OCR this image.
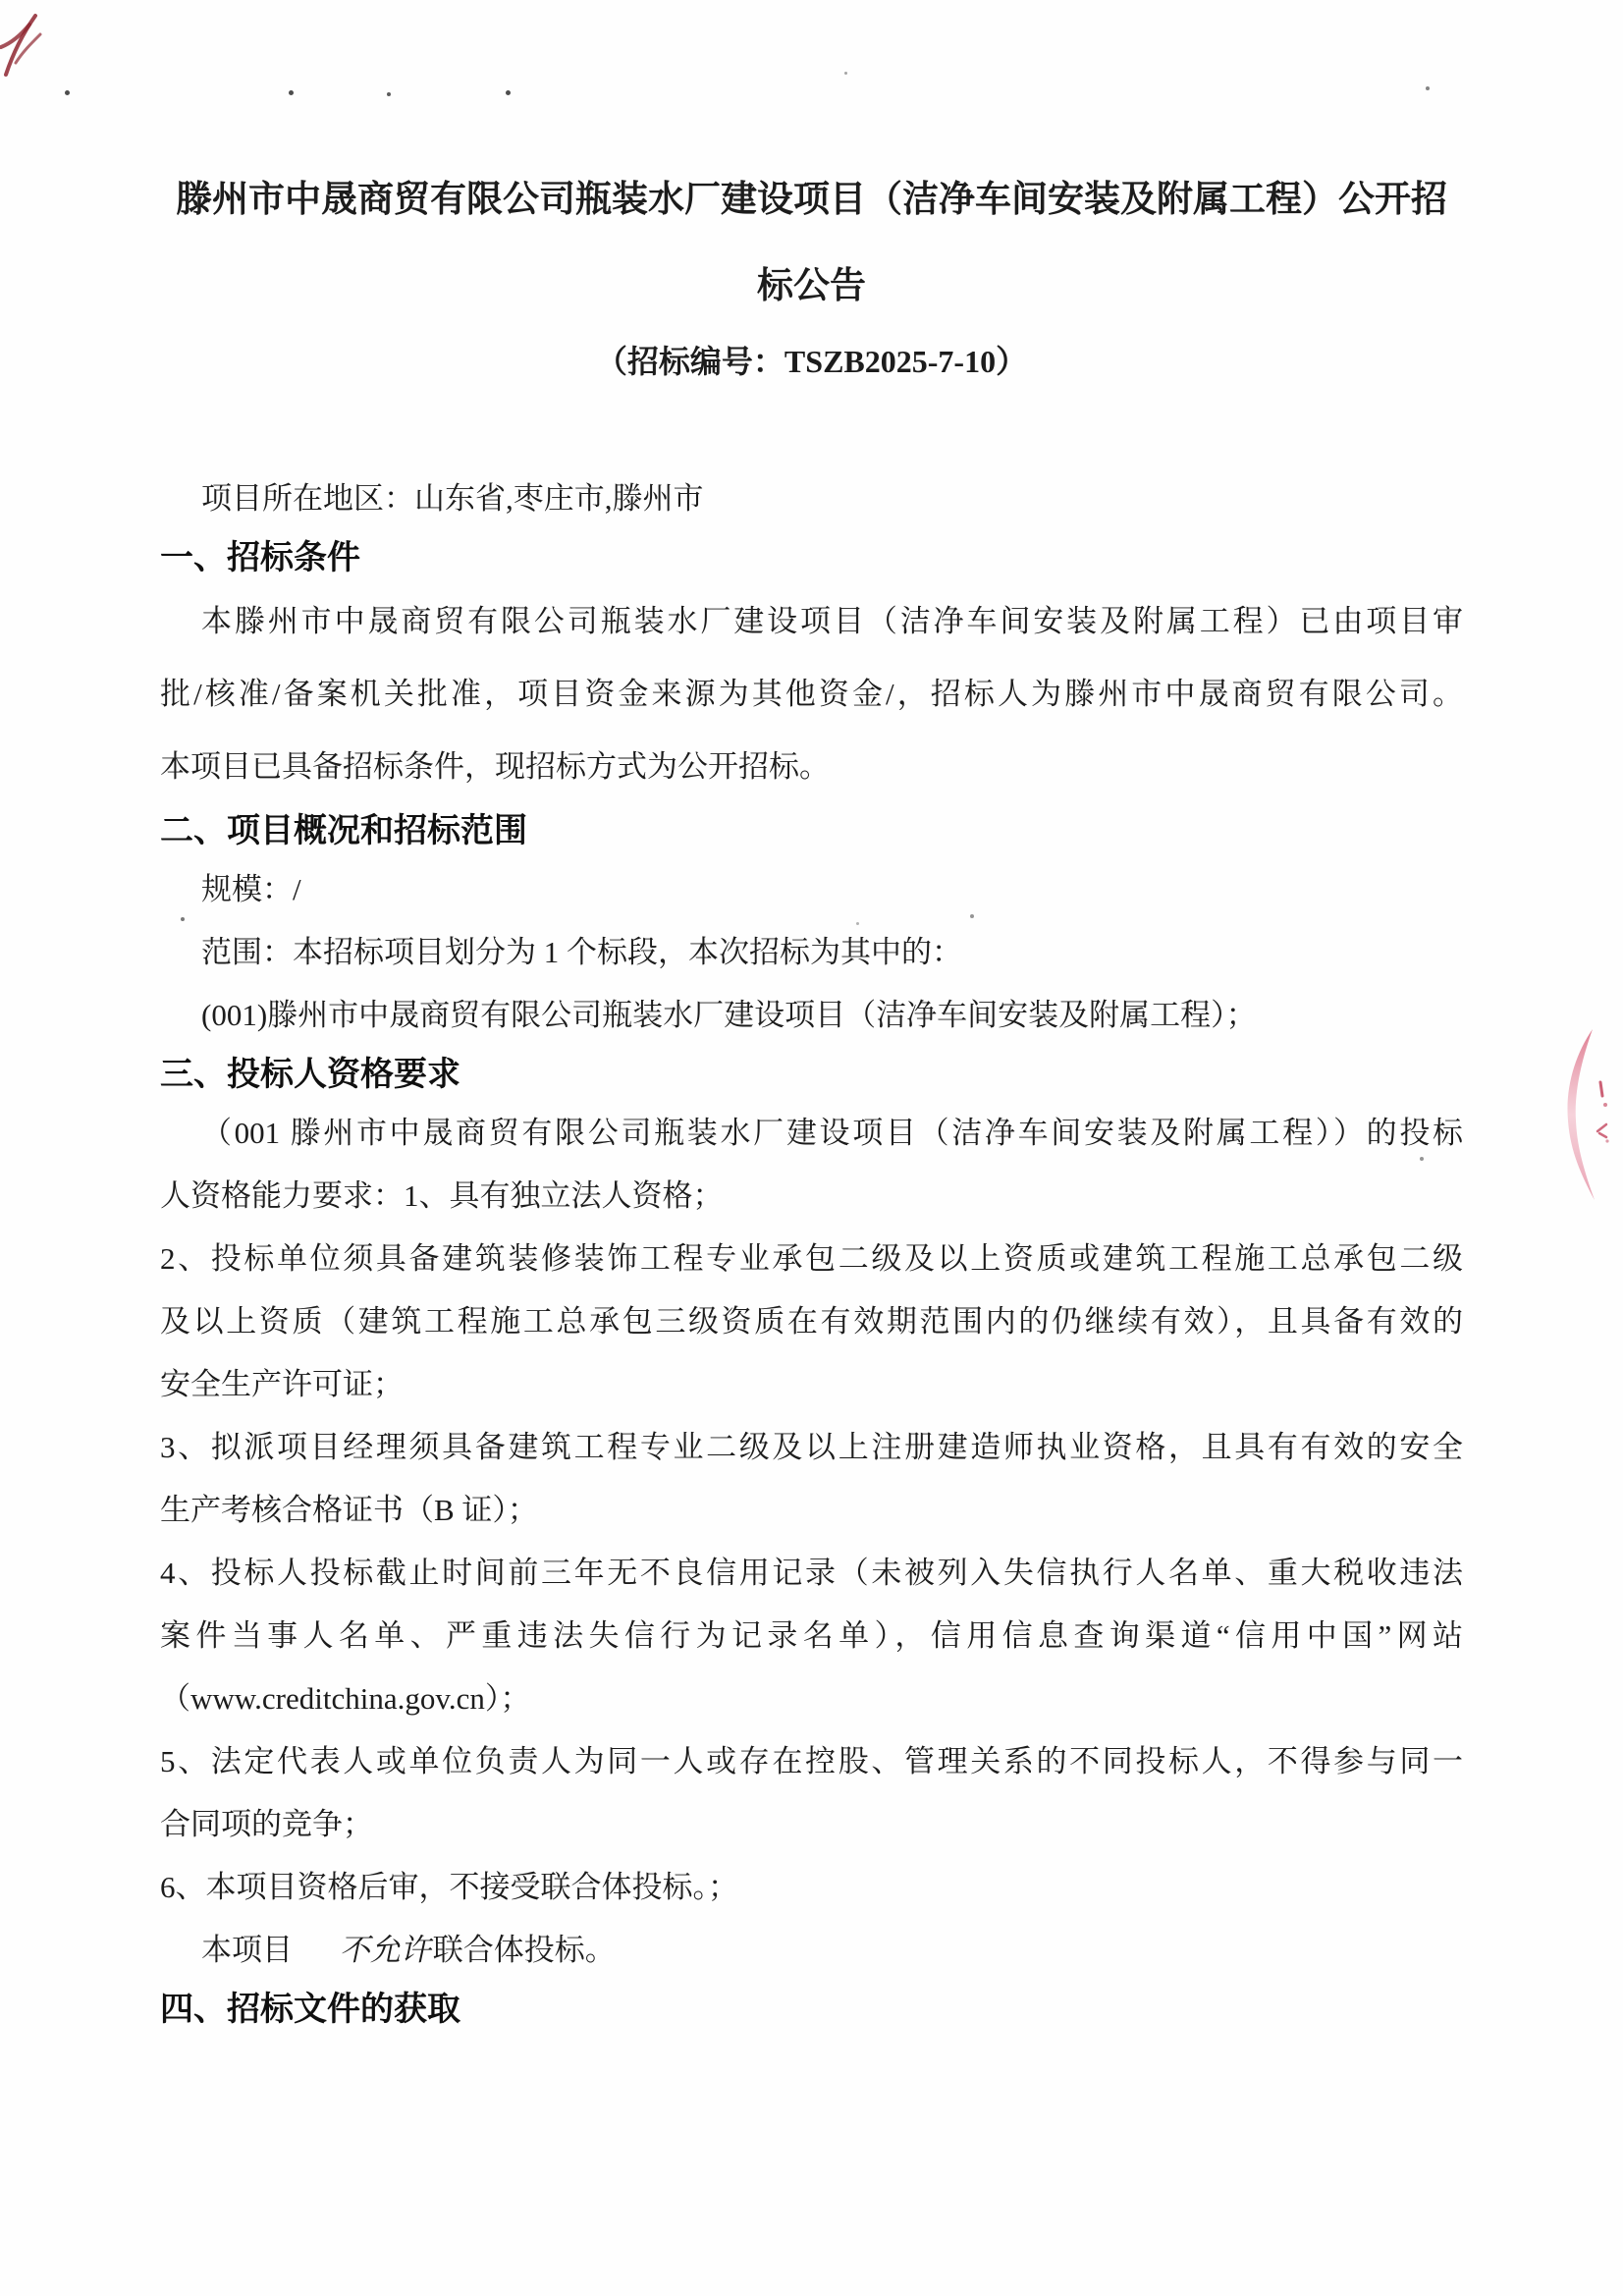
滕州市中晟商贸有限公司瓶装水厂建设项目（洁净车间安装及附属工程）公开招
标公告
（招标编号：TSZB2025-7-10）
项目所在地区：山东省,枣庄市,滕州市
一、招标条件
本滕州市中晟商贸有限公司瓶装水厂建设项目（洁净车间安装及附属工程）已由项目审
批/核准/备案机关批准，项目资金来源为其他资金/，招标人为滕州市中晟商贸有限公司。
本项目已具备招标条件，现招标方式为公开招标。
二、项目概况和招标范围
规模：/
范围：本招标项目划分为 1 个标段，本次招标为其中的：
(001)滕州市中晟商贸有限公司瓶装水厂建设项目（洁净车间安装及附属工程）；
三、投标人资格要求
（001 滕州市中晟商贸有限公司瓶装水厂建设项目（洁净车间安装及附属工程））的投标
人资格能力要求：1、具有独立法人资格；
2、投标单位须具备建筑装修装饰工程专业承包二级及以上资质或建筑工程施工总承包二级
及以上资质（建筑工程施工总承包三级资质在有效期范围内的仍继续有效），且具备有效的
安全生产许可证；
3、拟派项目经理须具备建筑工程专业二级及以上注册建造师执业资格，且具有有效的安全
生产考核合格证书（B 证）；
4、投标人投标截止时间前三年无不良信用记录（未被列入失信执行人名单、重大税收违法
案件当事人名单、严重违法失信行为记录名单），信用信息查询渠道“信用中国”网站
（www.creditchina.gov.cn）；
5、法定代表人或单位负责人为同一人或存在控股、管理关系的不同投标人，不得参与同一
合同项的竞争；
6、本项目资格后审，不接受联合体投标。；
本项目 不允许联合体投标。
四、招标文件的获取
